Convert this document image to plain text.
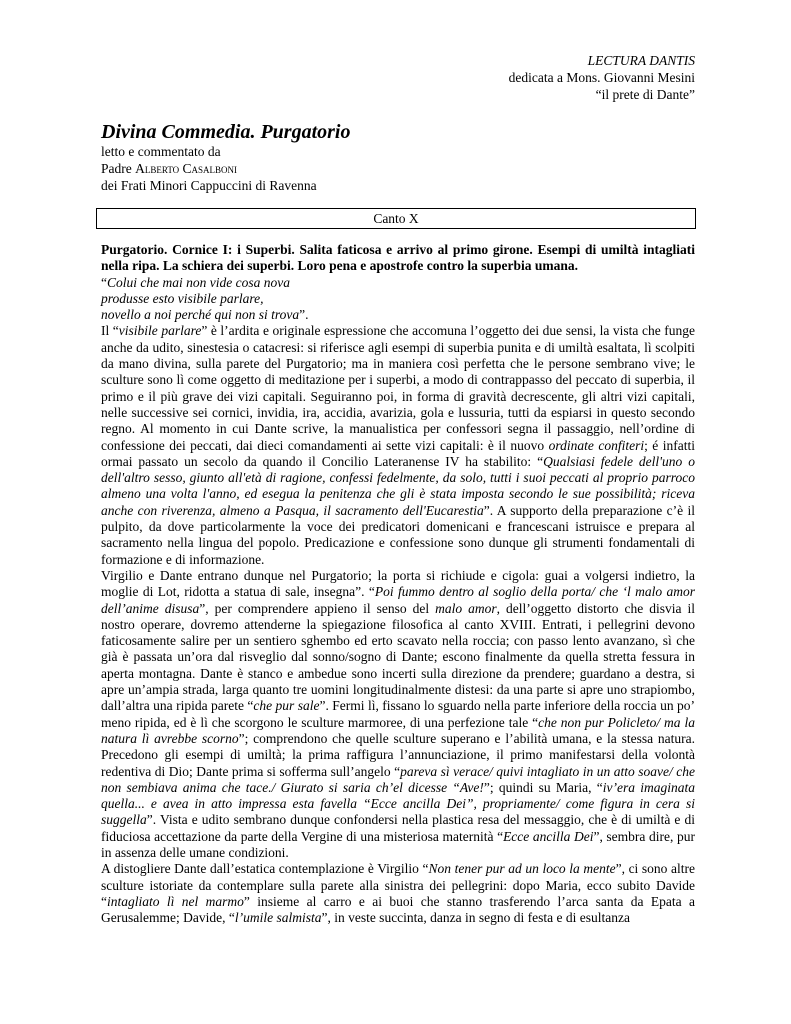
LECTURA DANTIS
dedicata a Mons. Giovanni Mesini
“il prete di Dante”
Divina Commedia. Purgatorio
letto e commentato da
Padre Alberto Casalboni
dei Frati Minori Cappuccini di Ravenna
Canto X

Purgatorio. Cornice I: i Superbi. Salita faticosa e arrivo al primo girone. Esempi di umiltà intagliati nella ripa. La schiera dei superbi. Loro pena e apostrofe contro la superbia umana.

“Colui che mai non vide cosa nova
produsse esto visibile parlare,
novello a noi perché qui non si trova”.

Il “visibile parlare” è l’ardita e originale espressione che accomuna l’oggetto dei due sensi, la vista che funge anche da udito, sinestesia o catacresi: si riferisce agli esempi di superbia punita e di umiltà esaltata, lì scolpiti da mano divina, sulla parete del Purgatorio; ma in maniera così perfetta che le persone sembrano vive; le sculture sono lì come oggetto di meditazione per i superbi, a modo di contrappasso del peccato di superbia, il primo e il più grave dei vizi capitali. Seguiranno poi, in forma di gravità decrescente, gli altri vizi capitali, nelle successive sei cornici, invidia, ira, accidia, avarizia, gola e lussuria, tutti da espiarsi in questo secondo regno. Al momento in cui Dante scrive, la manualistica per confessori segna il passaggio, nell’ordine di confessione dei peccati, dai dieci comandamenti ai sette vizi capitali: è il nuovo ordinate confiteri; é infatti ormai passato un secolo da quando il Concilio Lateranense IV ha stabilito: “Qualsiasi fedele dell'uno o dell'altro sesso, giunto all'età di ragione, confessi fedelmente, da solo, tutti i suoi peccati al proprio parroco almeno una volta l'anno, ed esegua la penitenza che gli è stata imposta secondo le sue possibilità; riceva anche con riverenza, almeno a Pasqua, il sacramento dell'Eucarestia”. A supporto della preparazione c’è il pulpito, da dove particolarmente la voce dei predicatori domenicani e francescani istruisce e prepara al sacramento nella lingua del popolo. Predicazione e confessione sono dunque gli strumenti fondamentali di formazione e di informazione.

Virgilio e Dante entrano dunque nel Purgatorio; la porta si richiude e cigola: guai a volgersi indietro, la moglie di Lot, ridotta a statua di sale, insegna”. “Poi fummo dentro al soglio della porta/ che ‘l malo amor dell’anime disusa”, per comprendere appieno il senso del malo amor, dell’oggetto distorto che disvia il nostro operare, dovremo attenderne la spiegazione filosofica al canto XVIII. Entrati, i pellegrini devono faticosamente salire per un sentiero sghembo ed erto scavato nella roccia; con passo lento avanzano, sì che già è passata un’ora dal risveglio dal sonno/sogno di Dante; escono finalmente da quella stretta fessura in aperta montagna. Dante è stanco e ambedue sono incerti sulla direzione da prendere; guardano a destra, si apre un’ampia strada, larga quanto tre uomini longitudinalmente distesi: da una parte si apre uno strapiombo, dall’altra una ripida parete “che pur sale”. Fermi lì, fissano lo sguardo nella parte inferiore della roccia un po’ meno ripida, ed è lì che scorgono le sculture marmoree, di una perfezione tale “che non pur Policleto/ ma la natura lì avrebbe scorno”; comprendono che quelle sculture superano e l’abilità umana, e la stessa natura. Precedono gli esempi di umiltà; la prima raffigura l’annunciazione, il primo manifestarsi della volontà redentiva di Dio; Dante prima si sofferma sull’angelo “pareva sì verace/ quivi intagliato in un atto soave/ che non sembiava anima che tace./ Giurato si saria ch’el dicesse “Ave!”; quindi su Maria, “iv’era imaginata quella... e avea in atto impressa esta favella “Ecce ancilla Dei”, propriamente/ come figura in cera si suggella”. Vista e udito sembrano dunque confondersi nella plastica resa del messaggio, che è di umiltà e di fiduciosa accettazione da parte della Vergine di una misteriosa maternità “Ecce ancilla Dei”, sembra dire, pur in assenza delle umane condizioni.

A distogliere Dante dall’estatica contemplazione è Virgilio “Non tener pur ad un loco la mente”, ci sono altre sculture istoriate da contemplare sulla parete alla sinistra dei pellegrini: dopo Maria, ecco subito Davide “intagliato lì nel marmo” insieme al carro e ai buoi che stanno trasferendo l’arca santa da Epata a Gerusalemme; Davide, “l’umile salmista”, in veste succinta, danza in segno di festa e di esultanza
